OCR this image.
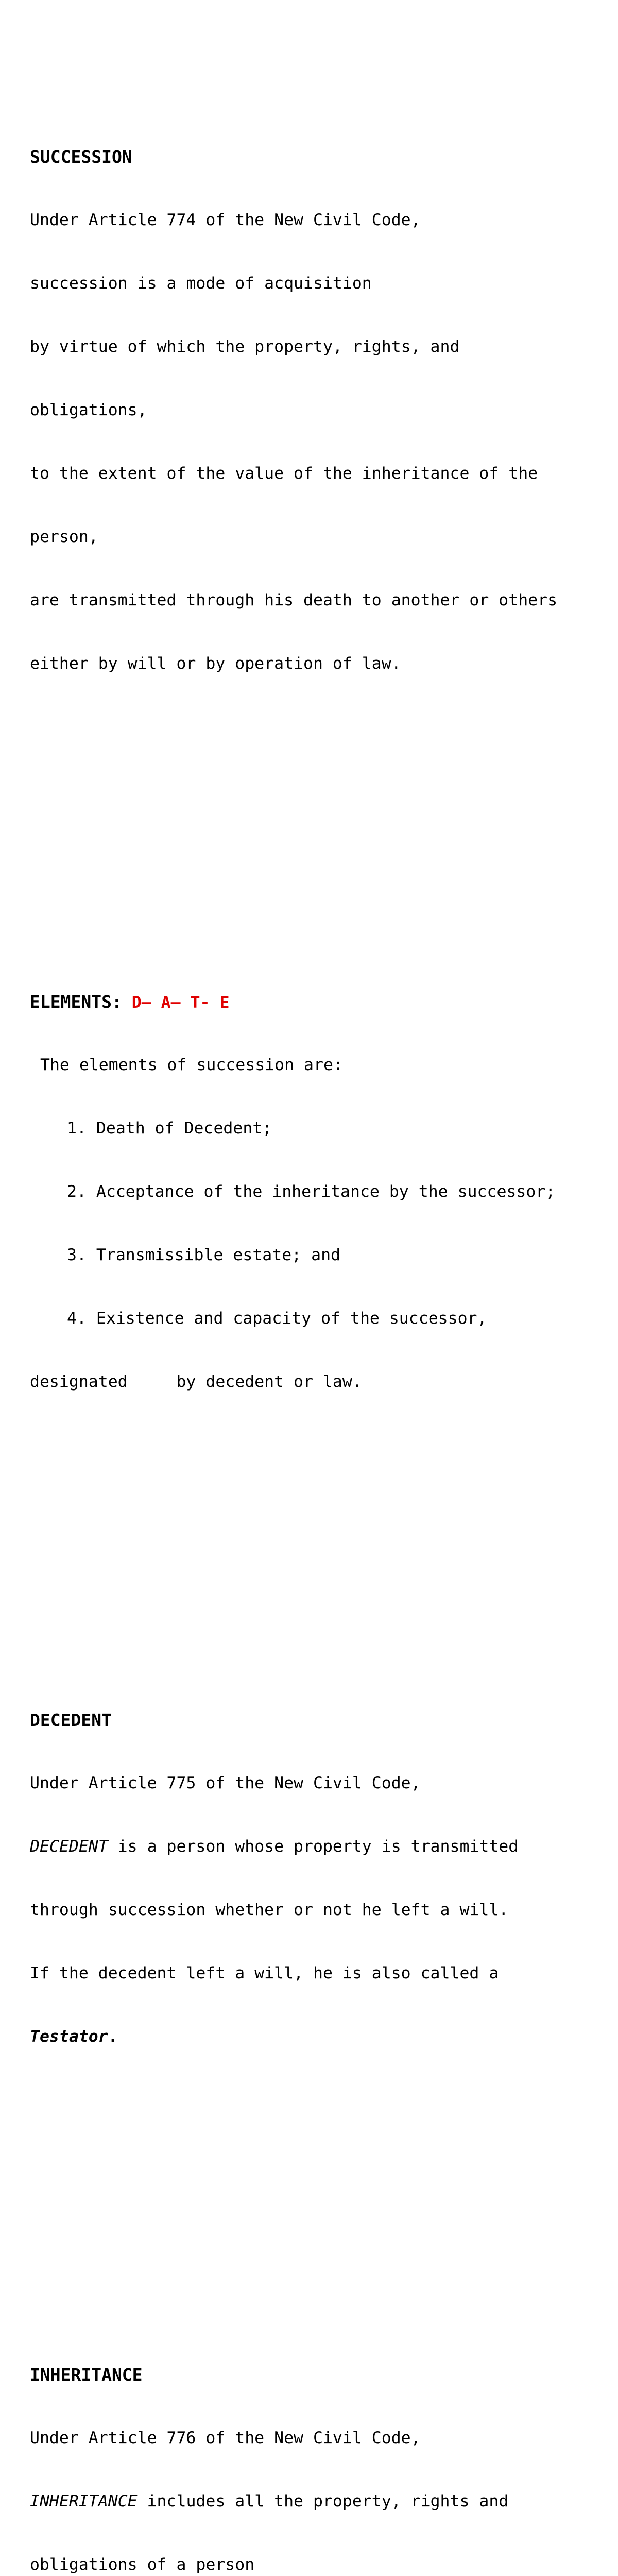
SUCCESSION

Under Article 774 of the New Civil Code,

succession is a mode of acquisition

by virtue of which the property, rights, and

obligations,

to the extent of the value of the inheritance of the

person,

are transmitted through his death to another or others

either by will or by operation of law.

ELEMENTS: D– A– T- E

The elements of succession are:

1. Death of Decedent;

2. Acceptance of the inheritance by the successor;

3. Transmissible estate; and

4. Existence and capacity of the successor,

designated     by decedent or law.

DECEDENT

Under Article 775 of the New Civil Code,

DECEDENT is a person whose property is transmitted

through succession whether or not he left a will.

If the decedent left a will, he is also called a

Testator.

INHERITANCE

Under Article 776 of the New Civil Code,

INHERITANCE includes all the property, rights and

obligations of a person
